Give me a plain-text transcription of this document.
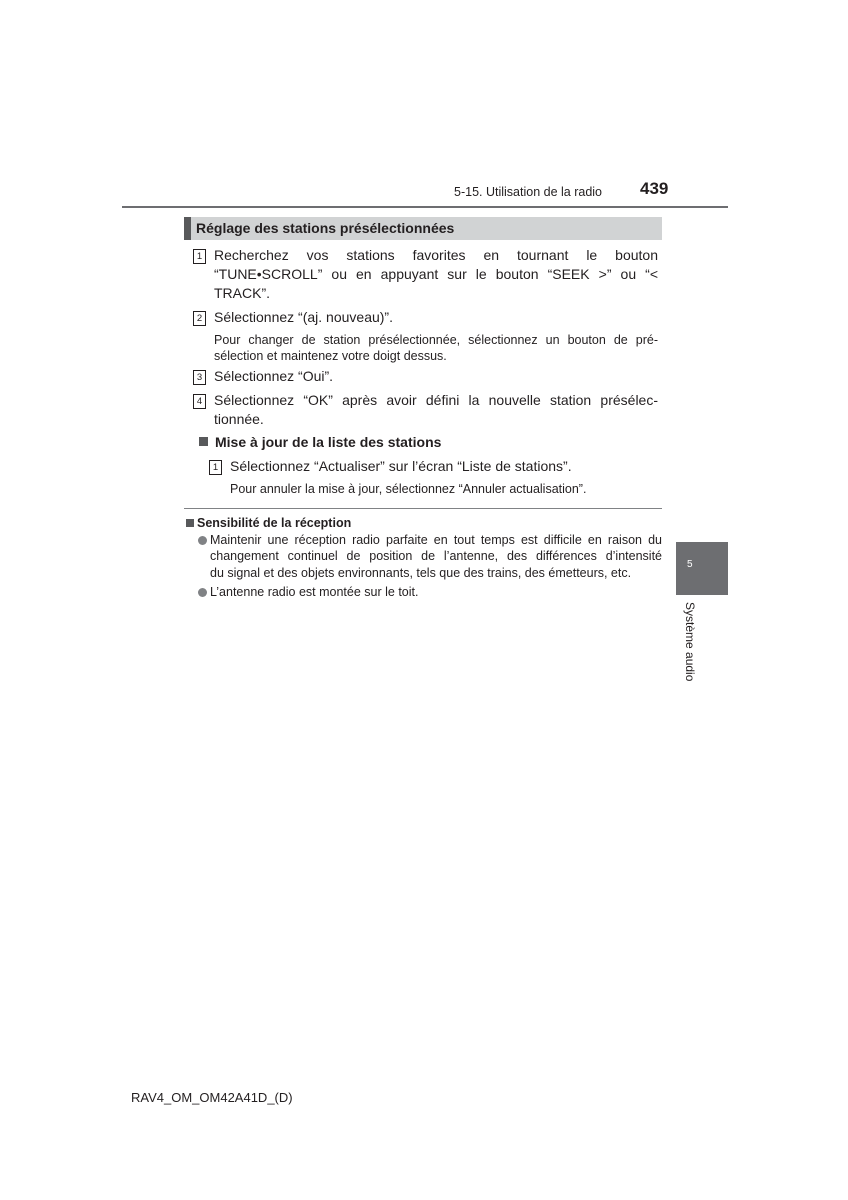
5-15. Utilisation de la radio 439
Réglage des stations présélectionnées
1 Recherchez vos stations favorites en tournant le bouton
“TUNE•SCROLL” ou en appuyant sur le bouton “SEEK >” ou “<
TRACK”.
2 Sélectionnez “(aj. nouveau)”.
Pour changer de station présélectionnée, sélectionnez un bouton de pré-
sélection et maintenez votre doigt dessus.
3 Sélectionnez “Oui”.
4 Sélectionnez “OK” après avoir défini la nouvelle station présélec-
tionnée.
Mise à jour de la liste des stations
1 Sélectionnez “Actualiser” sur l’écran “Liste de stations”.
Pour annuler la mise à jour, sélectionnez “Annuler actualisation”.
Sensibilité de la réception
Maintenir une réception radio parfaite en tout temps est difficile en raison du
changement continuel de position de l’antenne, des différences d’intensité
du signal et des objets environnants, tels que des trains, des émetteurs, etc.
L’antenne radio est montée sur le toit.
5
Système audio
RAV4_OM_OM42A41D_(D)
